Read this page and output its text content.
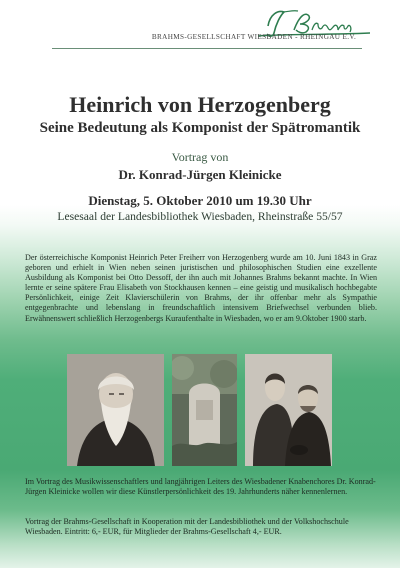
BRAHMS-GESELLSCHAFT WIESBADEN - RHEINGAU E.V.
Heinrich von Herzogenberg
Seine Bedeutung als Komponist der Spätromantik
Vortrag von
Dr. Konrad-Jürgen Kleinicke
Dienstag, 5. Oktober 2010 um 19.30 Uhr
Lesesaal der Landesbibliothek Wiesbaden, Rheinstraße 55/57
Der österreichische Komponist Heinrich Peter Freiherr von Herzogenberg wurde am 10. Juni 1843 in Graz geboren und erhielt in Wien neben seinen juristischen und philosophischen Studien eine exzellente Ausbildung als Komponist bei Otto Dessoff, der ihn auch mit Johannes Brahms bekannt machte. In Wien lernte er seine spätere Frau Elisabeth von Stockhausen kennen – eine geistig und musikalisch hochbegabte Persönlichkeit, einige Zeit Klavierschülerin von Brahms, der ihr offenbar mehr als Sympathie entgegenbrachte und lebenslang in freundschaftlich intensivem Briefwechsel verbunden blieb. Erwähnenswert schließlich Herzogenbergs Kuraufenthalte in Wiesbaden, wo er am 9.Oktober 1900 starb.
Im Vortrag des Musikwissenschaftlers und langjährigen Leiters des Wiesbadener Knabenchores Dr. Konrad-Jürgen Kleinicke wollen wir diese Künstlerpersönlichkeit des 19. Jahrhunderts näher kennenlernen.
Vortrag der Brahms-Gesellschaft in Kooperation mit der Landesbibliothek und der Volkshochschule Wiesbaden. Eintritt: 6,- EUR, für Mitglieder der Brahms-Gesellschaft 4,- EUR.
